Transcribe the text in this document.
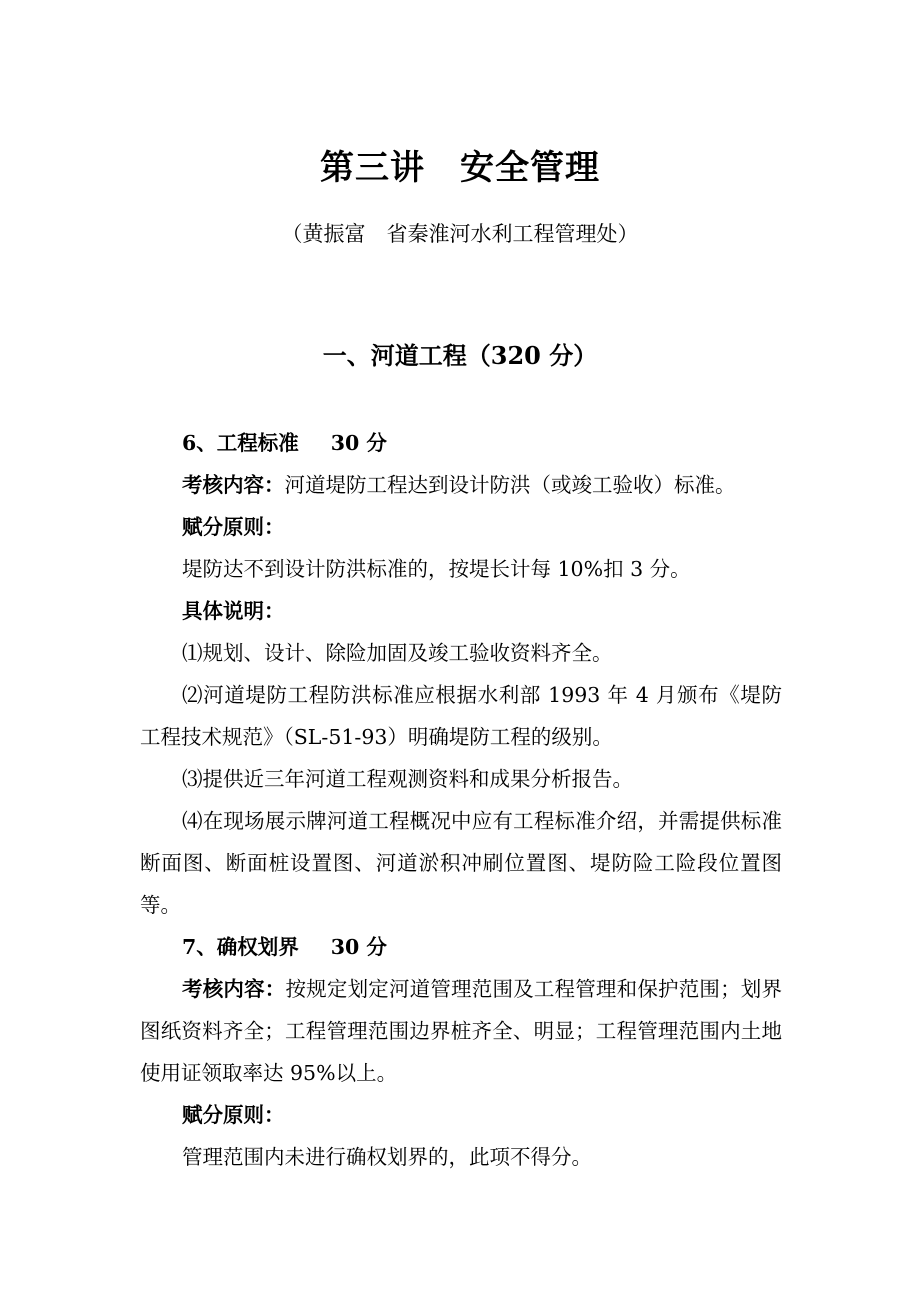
第三讲　安全管理
（黄振富　省秦淮河水利工程管理处）
一、河道工程（320 分）
6、工程标准 30 分
考核内容：河道堤防工程达到设计防洪（或竣工验收）标准。
赋分原则：
堤防达不到设计防洪标准的，按堤长计每 10%扣 3 分。
具体说明：
⑴规划、设计、除险加固及竣工验收资料齐全。
⑵河道堤防工程防洪标准应根据水利部 1993 年 4 月颁布《堤防工程技术规范》（SL-51-93）明确堤防工程的级别。
⑶提供近三年河道工程观测资料和成果分析报告。
⑷在现场展示牌河道工程概况中应有工程标准介绍，并需提供标准断面图、断面桩设置图、河道淤积冲刷位置图、堤防险工险段位置图等。
7、确权划界 30 分
考核内容：按规定划定河道管理范围及工程管理和保护范围；划界图纸资料齐全；工程管理范围边界桩齐全、明显；工程管理范围内土地使用证领取率达 95%以上。
赋分原则：
管理范围内未进行确权划界的，此项不得分。
